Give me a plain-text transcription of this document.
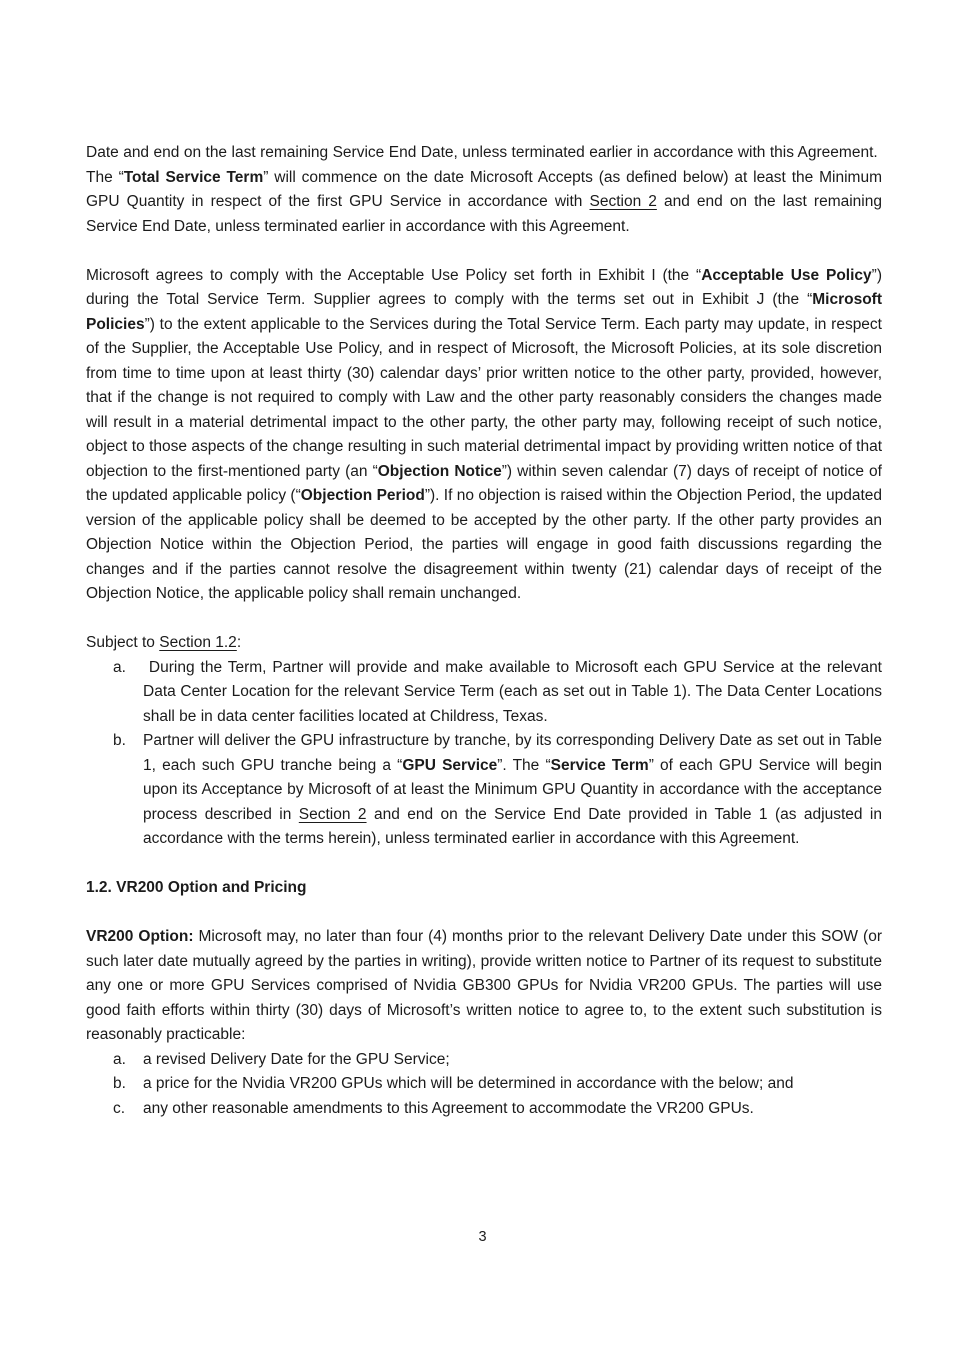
Date and end on the last remaining Service End Date, unless terminated earlier in accordance with this Agreement.  The “Total Service Term” will commence on the date Microsoft Accepts (as defined below) at least the Minimum GPU Quantity in respect of the first GPU Service in accordance with Section 2 and end on the last remaining Service End Date, unless terminated earlier in accordance with this Agreement.
Microsoft agrees to comply with the Acceptable Use Policy set forth in Exhibit I (the “Acceptable Use Policy”) during the Total Service Term. Supplier agrees to comply with the terms set out in Exhibit J (the “Microsoft Policies”) to the extent applicable to the Services during the Total Service Term. Each party may update, in respect of the Supplier, the Acceptable Use Policy, and in respect of Microsoft, the Microsoft Policies, at its sole discretion from time to time upon at least thirty (30) calendar days’ prior written notice to the other party, provided, however, that if the change is not required to comply with Law and the other party reasonably considers the changes made will result in a material detrimental impact to the other party, the other party may, following receipt of such notice, object to those aspects of the change resulting in such material detrimental impact by providing written notice of that objection to the first-mentioned party (an “Objection Notice”) within seven calendar (7) days of receipt of notice of the updated applicable policy (“Objection Period”). If no objection is raised within the Objection Period, the updated version of the applicable policy shall be deemed to be accepted by the other party. If the other party provides an Objection Notice within the Objection Period, the parties will engage in good faith discussions regarding the changes and if the parties cannot resolve the disagreement within twenty (21) calendar days of receipt of the Objection Notice, the applicable policy shall remain unchanged.
Subject to Section 1.2:
a.	During the Term, Partner will provide and make available to Microsoft each GPU Service at the relevant Data Center Location for the relevant Service Term (each as set out in Table 1). The Data Center Locations shall be in data center facilities located at Childress, Texas.
b.	Partner will deliver the GPU infrastructure by tranche, by its corresponding Delivery Date as set out in Table 1, each such GPU tranche being a “GPU Service”. The “Service Term” of each GPU Service will begin upon its Acceptance by Microsoft of at least the Minimum GPU Quantity in accordance with the acceptance process described in Section 2 and end on the Service End Date provided in Table 1 (as adjusted in accordance with the terms herein), unless terminated earlier in accordance with this Agreement.
1.2. VR200 Option and Pricing
VR200 Option: Microsoft may, no later than four (4) months prior to the relevant Delivery Date under this SOW (or such later date mutually agreed by the parties in writing), provide written notice to Partner of its request to substitute any one or more GPU Services comprised of Nvidia GB300 GPUs for Nvidia VR200 GPUs. The parties will use good faith efforts within thirty (30) days of Microsoft’s written notice to agree to, to the extent such substitution is reasonably practicable:
a.	a revised Delivery Date for the GPU Service;
b.	a price for the Nvidia VR200 GPUs which will be determined in accordance with the below; and
c.	any other reasonable amendments to this Agreement to accommodate the VR200 GPUs.
3
